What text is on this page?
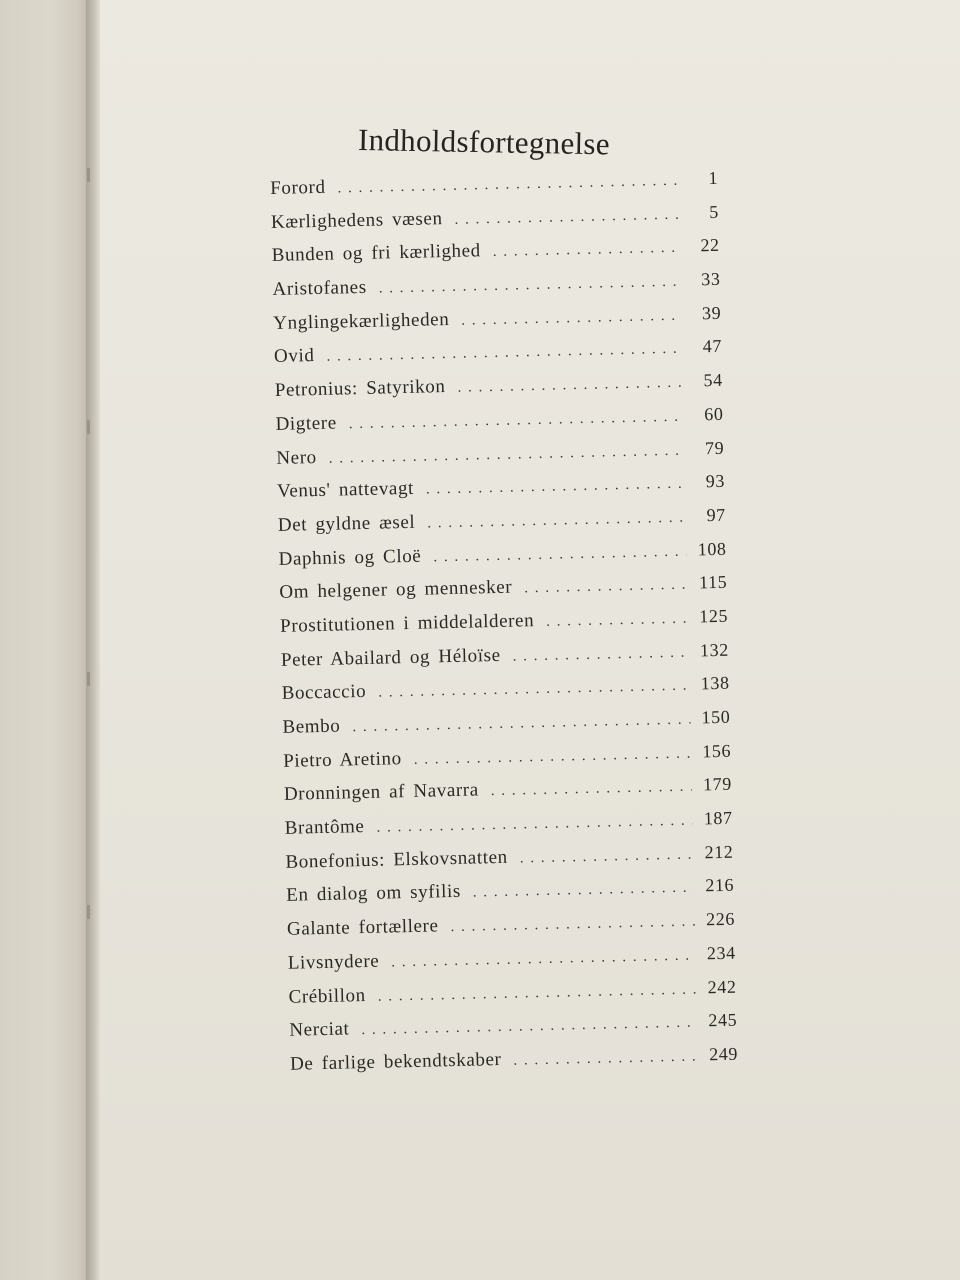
Indholdsfortegnelse
Forord . . .	1
Kærlighedens væsen . . .	5
Bunden og fri kærlighed . . .	22
Aristofanes . . .	33
Ynglingekærligheden . . .	39
Ovid . . .	47
Petronius: Satyrikon . . .	54
Digtere . . .	60
Nero . . .	79
Venus' nattevagt . . .	93
Det gyldne æsel . . .	97
Daphnis og Cloë . . .	108
Om helgener og mennesker . . .	115
Prostitutionen i middelalderen . . .	125
Peter Abailard og Héloïse . . .	132
Boccaccio . . .	138
Bembo . . .	150
Pietro Aretino . . .	156
Dronningen af Navarra . . .	179
Brantôme . . .	187
Bonefonius: Elskovsnatten . . .	212
En dialog om syfilis . . .	216
Galante fortællere . . .	226
Livsnydere . . .	234
Crébillon . . .	242
Nerciat . . .	245
De farlige bekendtskaber . . .	249
